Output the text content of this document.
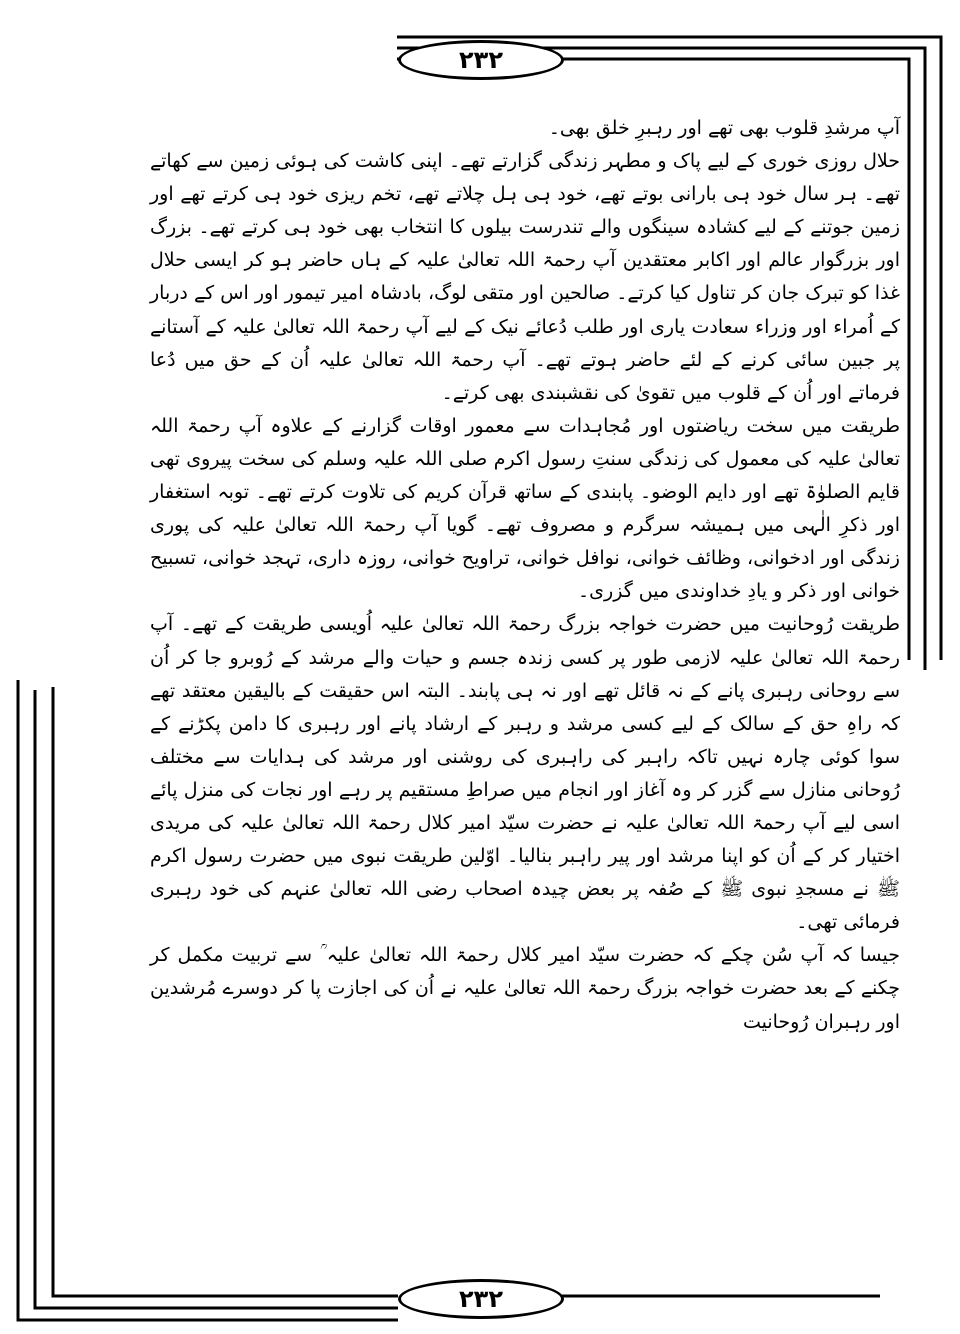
۲۳۲

آپ مرشدِ قلوب بھی تھے اور رہبرِ خلق بھی۔

حلال روزی خوری کے لیے پاک و مطہر زندگی گزارتے تھے۔ اپنی کاشت کی ہوئی زمین سے کھاتے تھے۔ ہر سال خود ہی بارانی بوتے تھے، خود ہی ہل چلاتے تھے، تخم ریزی خود ہی کرتے تھے اور زمین جوتنے کے لیے کشادہ سینگوں والے تندرست بیلوں کا انتخاب بھی خود ہی کرتے تھے۔ بزرگ اور بزرگوار عالم اور اکابر معتقدین آپ رحمۃ اللہ تعالیٰ علیہ کے ہاں حاضر ہو کر ایسی حلال غذا کو تبرک جان کر تناول کیا کرتے۔ صالحین اور متقی لوگ، بادشاہ امیر تیمور اور اس کے دربار کے اُمراء اور وزراء سعادت یاری اور طلب دُعائے نیک کے لیے آپ رحمۃ اللہ تعالیٰ علیہ کے آستانے پر جبین سائی کرنے کے لئے حاضر ہوتے تھے۔ آپ رحمۃ اللہ تعالیٰ علیہ اُن کے حق میں دُعا فرماتے اور اُن کے قلوب میں تقویٰ کی نقشبندی بھی کرتے۔

طریقت میں سخت ریاضتوں اور مُجاہدات سے معمور اوقات گزارنے کے علاوہ آپ رحمۃ اللہ تعالیٰ علیہ کی معمول کی زندگی سنتِ رسول اکرم صلی اللہ علیہ وسلم کی سخت پیروی تھی قایم الصلوٰۃ تھے اور دایم الوضو۔ پابندی کے ساتھ قرآن کریم کی تلاوت کرتے تھے۔ توبہ استغفار اور ذکرِ الٰہی میں ہمیشہ سرگرم و مصروف تھے۔ گویا آپ رحمۃ اللہ تعالیٰ علیہ کی پوری زندگی اور ادخوانی، وظائف خوانی، نوافل خوانی، تراویح خوانی، روزہ داری، تہجد خوانی، تسبیح خوانی اور ذکر و یادِ خداوندی میں گزری۔

طریقت رُوحانیت میں حضرت خواجہ بزرگ رحمۃ اللہ تعالیٰ علیہ اُویسی طریقت کے تھے۔ آپ رحمۃ اللہ تعالیٰ علیہ لازمی طور پر کسی زندہ جسم و حیات والے مرشد کے رُوبرو جا کر اُن سے روحانی رہبری پانے کے نہ قائل تھے اور نہ ہی پابند۔ البتہ اس حقیقت کے بالیقین معتقد تھے کہ راہِ حق کے سالک کے لیے کسی مرشد و رہبر کے ارشاد پانے اور رہبری کا دامن پکڑنے کے سوا کوئی چارہ نہیں تاکہ راہبر کی راہبری کی روشنی اور مرشد کی ہدایات سے مختلف رُوحانی منازل سے گزر کر وہ آغاز اور انجام میں صراطِ مستقیم پر رہے اور نجات کی منزل پائے اسی لیے آپ رحمۃ اللہ تعالیٰ علیہ نے حضرت سیّد امیر کلال رحمۃ اللہ تعالیٰ علیہ کی مریدی اختیار کر کے اُن کو اپنا مرشد اور پیر راہبر بنالیا۔ اوّلین طریقت نبوی میں حضرت رسول اکرم ﷺ نے مسجدِ نبوی ﷺ کے صُفہ پر بعض چیدہ اصحاب رضی اللہ تعالیٰ عنہم کی خود رہبری فرمائی تھی۔

جیسا کہ آپ سُن چکے کہ حضرت سیّد امیر کلال رحمۃ اللہ تعالیٰ علیہ ؒ سے تربیت مکمل کر چکنے کے بعد حضرت خواجہ بزرگ رحمۃ اللہ تعالیٰ علیہ نے اُن کی اجازت پا کر دوسرے مُرشدین اور رہبران رُوحانیت

۲۳۲
